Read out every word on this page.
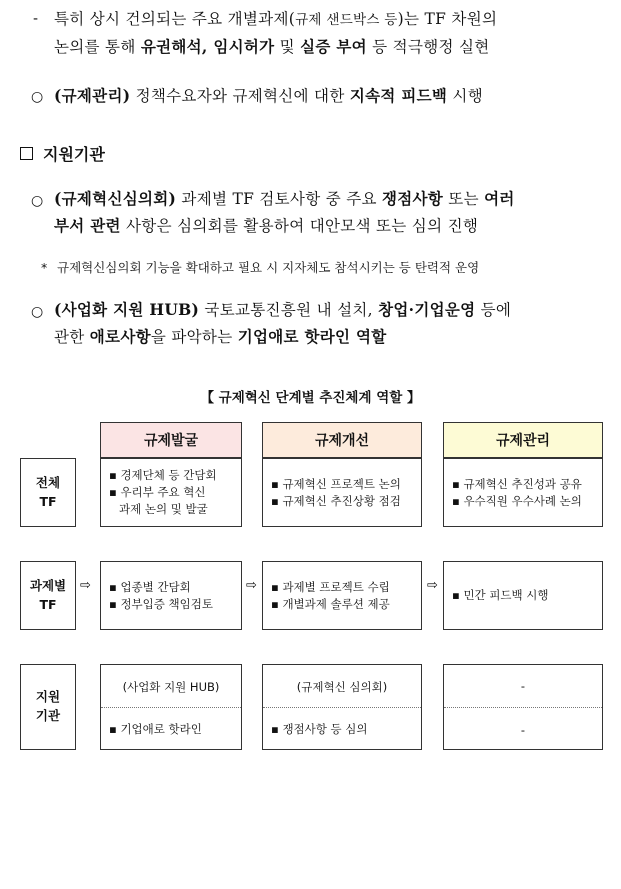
- 특히 상시 건의되는 주요 개별과제(규제 샌드박스 등)는 TF 차원의
논의를 통해 유권해석, 임시허가 및 실증 부여 등 적극행정 실현
○ (규제관리) 정책수요자와 규제혁신에 대한 지속적 피드백 시행
지원기관
○ (규제혁신심의회) 과제별 TF 검토사항 중 주요 쟁점사항 또는 여러
부서 관련 사항은 심의회를 활용하여 대안모색 또는 심의 진행
* 규제혁신심의회 기능을 확대하고 필요 시 지자체도 참석시키는 등 탄력적 운영
○ (사업화 지원 HUB) 국토교통진흥원 내 설치, 창업·기업운영 등에
관한 애로사항을 파악하는 기업애로 핫라인 역할
【 규제혁신 단계별 추진체계 역할 】
규제발굴	규제개선	규제관리
전체
TF
▪ 경제단체 등 간담회
▪ 우리부 주요 혁신
과제 논의 및 발굴
▪ 규제혁신 프로젝트 논의
▪ 규제혁신 추진상황 점검
▪ 규제혁신 추진성과 공유
▪ 우수직원 우수사례 논의
과제별
TF
⇨ ▪ 업종별 간담회
▪ 정부입증 책임검토
⇨ ▪ 과제별 프로젝트 수립
▪ 개별과제 솔루션 제공
⇨
▪ 민간 피드백 시행
지원
기관
(사업화 지원 HUB)
▪ 기업애로 핫라인
(규제혁신 심의회)
▪ 쟁점사항 등 심의
-
-
